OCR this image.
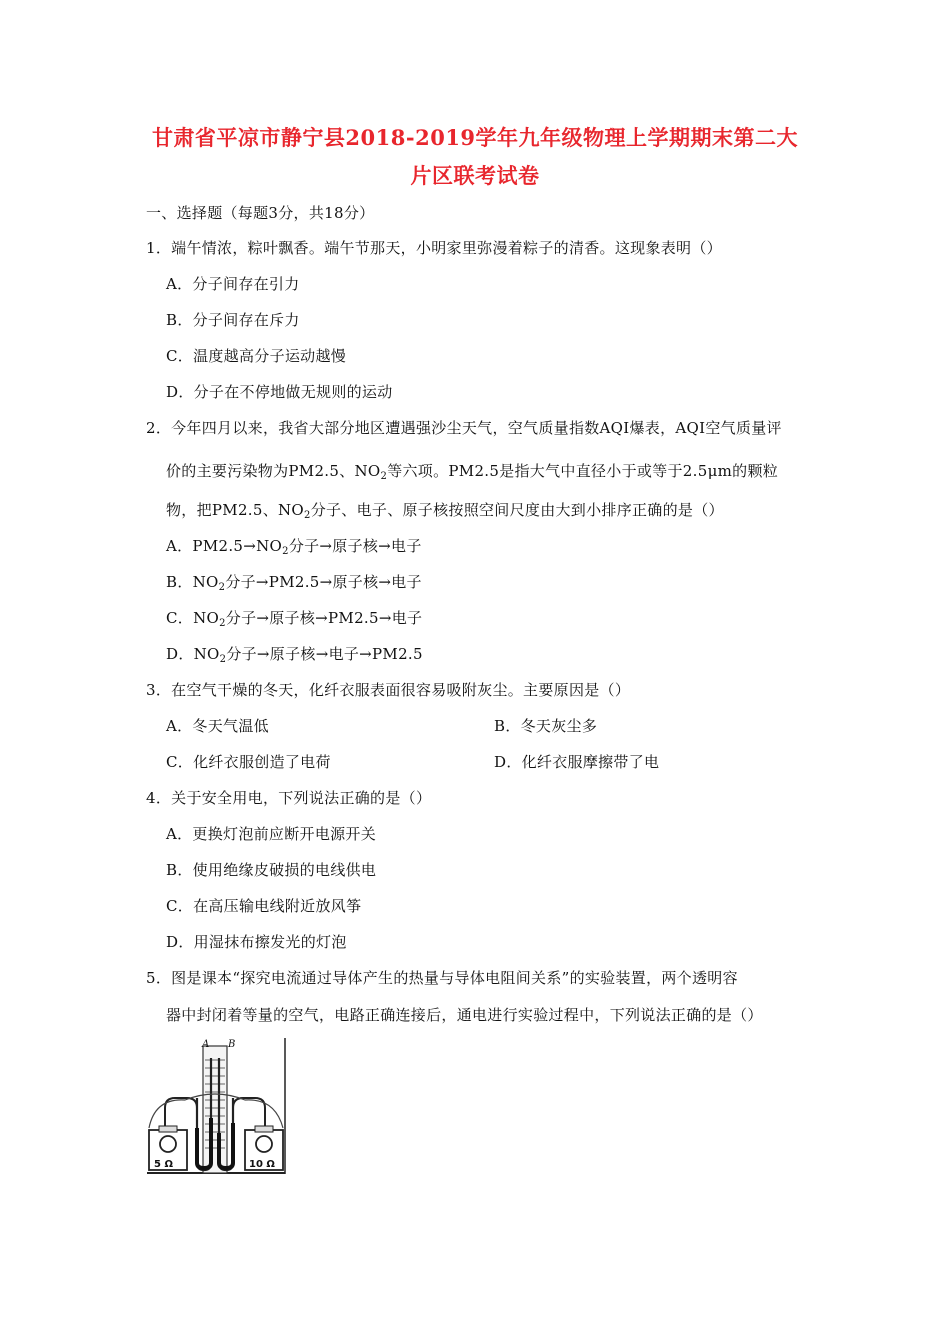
甘肃省平凉市静宁县2018-2019学年九年级物理上学期期末第二大
片区联考试卷
一、选择题（每题3分，共18分）
1．端午情浓，粽叶飘香。端午节那天，小明家里弥漫着粽子的清香。这现象表明（）
A．分子间存在引力
B．分子间存在斥力
C．温度越高分子运动越慢
D．分子在不停地做无规则的运动
2．今年四月以来，我省大部分地区遭遇强沙尘天气，空气质量指数AQI爆表，AQI空气质量评
价的主要污染物为PM2.5、$NO_2$等六项。PM2.5是指大气中直径小于或等于2.5μm的颗粒
物，把PM2.5、$NO_2$分子、电子、原子核按照空间尺度由大到小排序正确的是（）
A．$PM2.5\to NO_2$分子→原子核→电子
B．$NO_2$分子→PM2.5→原子核→电子
C．$NO_2$分子→原子核→PM2.5→电子
D．$NO_2$分子→原子核→电子→PM2.5
3．在空气干燥的冬天，化纤衣服表面很容易吸附灰尘。主要原因是（）
A．冬天气温低	B．冬天灰尘多
C．化纤衣服创造了电荷	D．化纤衣服摩擦带了电
4．关于安全用电，下列说法正确的是（）
A．更换灯泡前应断开电源开关
B．使用绝缘皮破损的电线供电
C．在高压输电线附近放风筝
D．用湿抹布擦发光的灯泡
5．图是课本“探究电流通过导体产生的热量与导体电阻间关系”的实验装置，两个透明容
器中封闭着等量的空气，电路正确连接后，通电进行实验过程中，下列说法正确的是（）
A B
5 Ω	10 Ω
